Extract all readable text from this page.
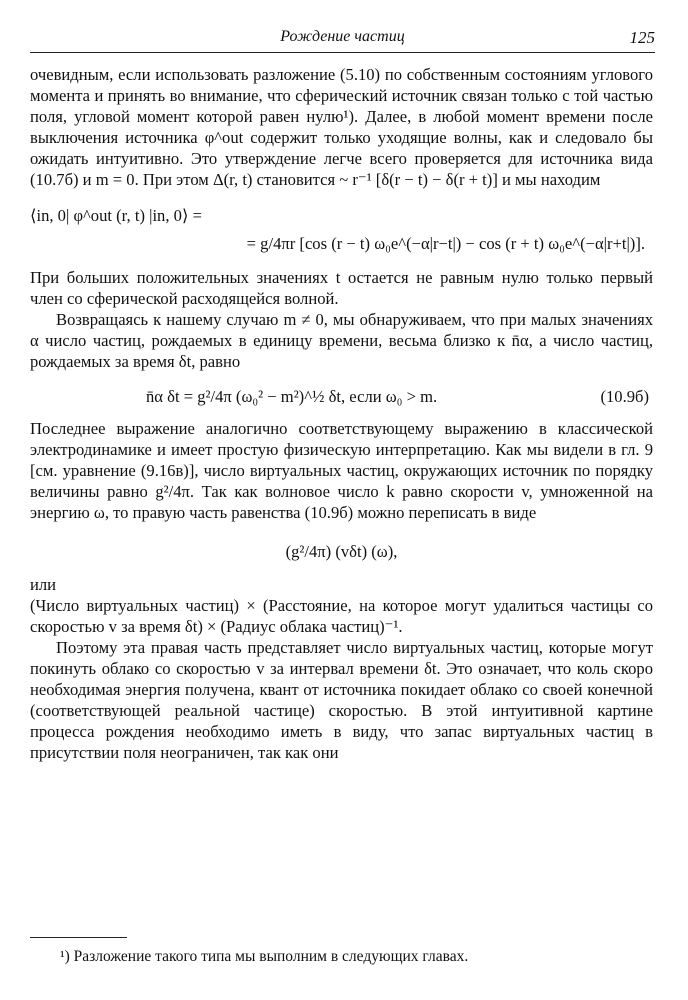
Рождение частиц	125

очевидным, если использовать разложение (5.10) по собственным состояниям углового момента и принять во внимание, что сферический источник связан только с той частью поля, угловой момент которой равен нулю¹). Далее, в любой момент времени после выключения источника φ^out содержит только уходящие волны, как и следовало бы ожидать интуитивно. Это утверждение легче всего проверяется для источника вида (10.7б) и m = 0. При этом Δ(r, t) становится ~ r⁻¹ [δ(r − t) − δ(r + t)] и мы находим

⟨in, 0| φ^out (r, t) |in, 0⟩ =
= g/4πr [cos (r − t) ω₀e^(−α|r−t|) − cos (r + t) ω₀e^(−α|r+t|)].

При больших положительных значениях t остается не равным нулю только первый член со сферической расходящейся волной.

Возвращаясь к нашему случаю m ≠ 0, мы обнаруживаем, что при малых значениях α число частиц, рождаемых в единицу времени, весьма близко к n̄α, а число частиц, рождаемых за время δt, равно

n̄α δt = g²/4π (ω₀² − m²)^½ δt, если ω₀ > m.	(10.9б)

Последнее выражение аналогично соответствующему выражению в классической электродинамике и имеет простую физическую интерпретацию. Как мы видели в гл. 9 [см. уравнение (9.16в)], число виртуальных частиц, окружающих источник по порядку величины равно g²/4π. Так как волновое число k равно скорости v, умноженной на энергию ω, то правую часть равенства (10.9б) можно переписать в виде

(g²/4π) (vδt) (ω),

или

(Число виртуальных частиц) × (Расстояние, на которое могут удалиться частицы со скоростью v за время δt) × (Радиус облака частиц)⁻¹.

Поэтому эта правая часть представляет число виртуальных частиц, которые могут покинуть облако со скоростью v за интервал времени δt. Это означает, что коль скоро необходимая энергия получена, квант от источника покидает облако со своей конечной (соответствующей реальной частице) скоростью. В этой интуитивной картине процесса рождения необходимо иметь в виду, что запас виртуальных частиц в присутствии поля неограничен, так как они

¹) Разложение такого типа мы выполним в следующих главах.
